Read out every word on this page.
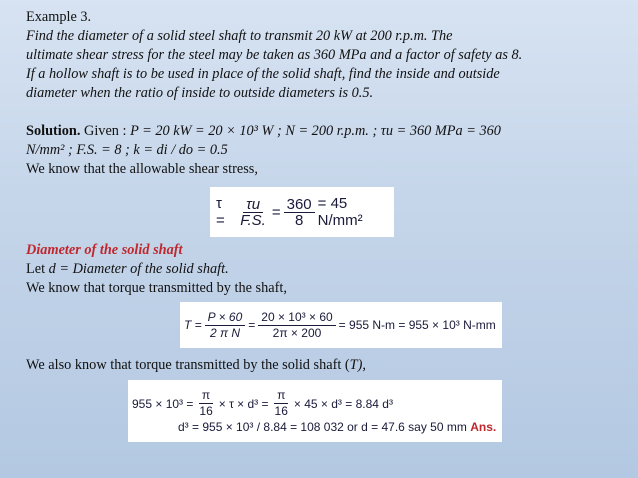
Example 3.
Find the diameter of a solid steel shaft to transmit 20 kW at 200 r.p.m. The
ultimate shear stress for the steel may be taken as 360 MPa and a factor of safety as 8.
If a hollow shaft is to be used in place of the solid shaft, find the inside and outside
diameter when the ratio of inside to outside diameters is 0.5.
Solution. Given : P = 20 kW = 20 × 10³ W ; N = 200 r.p.m. ; τu = 360 MPa = 360
N/mm² ; F.S. = 8 ; k = di / do = 0.5
We know that the allowable shear stress,
$\tau = \frac{\tau u}{F.S.} = \frac{360}{8} = 45$ N/mm²
Diameter of the solid shaft
Let d = Diameter of the solid shaft.
We know that torque transmitted by the shaft,
$T = \frac{P \times 60}{\text{2 π N}} = \frac{\text{20 × 10³ × 60}}{2\pi \times 200} = 955$ N-m = 955 × 10³ N-mm
We also know that torque transmitted by the solid shaft (T),
$955 \times 10^3 = \frac{\pi}{16} \times \tau \times d^3 = \frac{\pi}{16} \times 45 \times d^3 = 8.84$ d³
d³ = 955 × 10³ / 8.84 = 108 032 or d = 47.6 say 50 mm Ans.
